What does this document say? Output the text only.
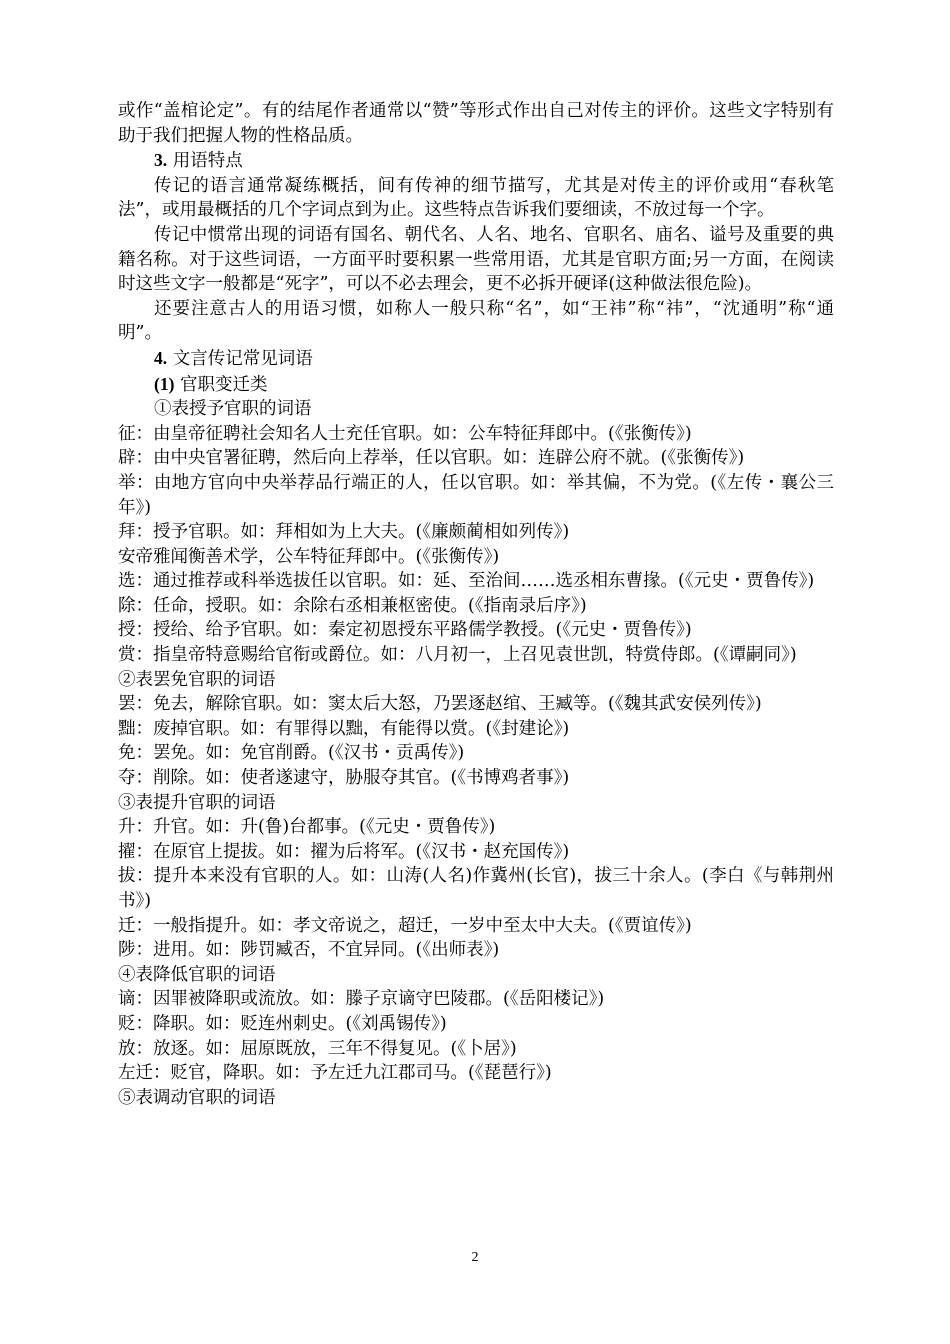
或作“盖棺论定”。有的结尾作者通常以“赞”等形式作出自己对传主的评价。这些文字特别有助于我们把握人物的性格品质。

3. 用语特点

传记的语言通常凝练概括，间有传神的细节描写，尤其是对传主的评价或用“春秋笔法”，或用最概括的几个字词点到为止。这些特点告诉我们要细读，不放过每一个字。

传记中惯常出现的词语有国名、朝代名、人名、地名、官职名、庙名、谥号及重要的典籍名称。对于这些词语，一方面平时要积累一些常用语，尤其是官职方面;另一方面，在阅读时这些文字一般都是“死字”，可以不必去理会，更不必拆开硬译(这种做法很危险)。

还要注意古人的用语习惯，如称人一般只称“名”，如“王祎”称“祎”，“沈通明”称“通明”。

4. 文言传记常见词语

(1) 官职变迁类

①表授予官职的词语

征：由皇帝征聘社会知名人士充任官职。如：公车特征拜郎中。(《张衡传》)

辟：由中央官署征聘，然后向上荐举，任以官职。如：连辟公府不就。(《张衡传》)

举：由地方官向中央举荐品行端正的人，任以官职。如：举其偏，不为党。(《左传・襄公三年》)

拜：授予官职。如：拜相如为上大夫。(《廉颇蔺相如列传》)

安帝雅闻衡善术学，公车特征拜郎中。(《张衡传》)

选：通过推荐或科举选拔任以官职。如：延、至治间……选丞相东曹掾。(《元史・贾鲁传》)

除：任命，授职。如：余除右丞相兼枢密使。(《指南录后序》)

授：授给、给予官职。如：秦定初恩授东平路儒学教授。(《元史・贾鲁传》)

赏：指皇帝特意赐给官衔或爵位。如：八月初一，上召见袁世凯，特赏侍郎。(《谭嗣同》)

②表罢免官职的词语

罢：免去，解除官职。如：窦太后大怒，乃罢逐赵绾、王臧等。(《魏其武安侯列传》)

黜：废掉官职。如：有罪得以黜，有能得以赏。(《封建论》)

免：罢免。如：免官削爵。(《汉书・贡禹传》)

夺：削除。如：使者遂逮守，胁服夺其官。(《书博鸡者事》)

③表提升官职的词语

升：升官。如：升(鲁)台都事。(《元史・贾鲁传》)

擢：在原官上提拔。如：擢为后将军。(《汉书・赵充国传》)

拔：提升本来没有官职的人。如：山涛(人名)作冀州(长官)，拔三十余人。(李白《与韩荆州书》)

迁：一般指提升。如：孝文帝说之，超迁，一岁中至太中大夫。(《贾谊传》)

陟：进用。如：陟罚臧否，不宜异同。(《出师表》)

④表降低官职的词语

谪：因罪被降职或流放。如：滕子京谪守巴陵郡。(《岳阳楼记》)

贬：降职。如：贬连州刺史。(《刘禹锡传》)

放：放逐。如：屈原既放，三年不得复见。(《卜居》)

左迁：贬官，降职。如：予左迁九江郡司马。(《琵琶行》)

⑤表调动官职的词语

2
